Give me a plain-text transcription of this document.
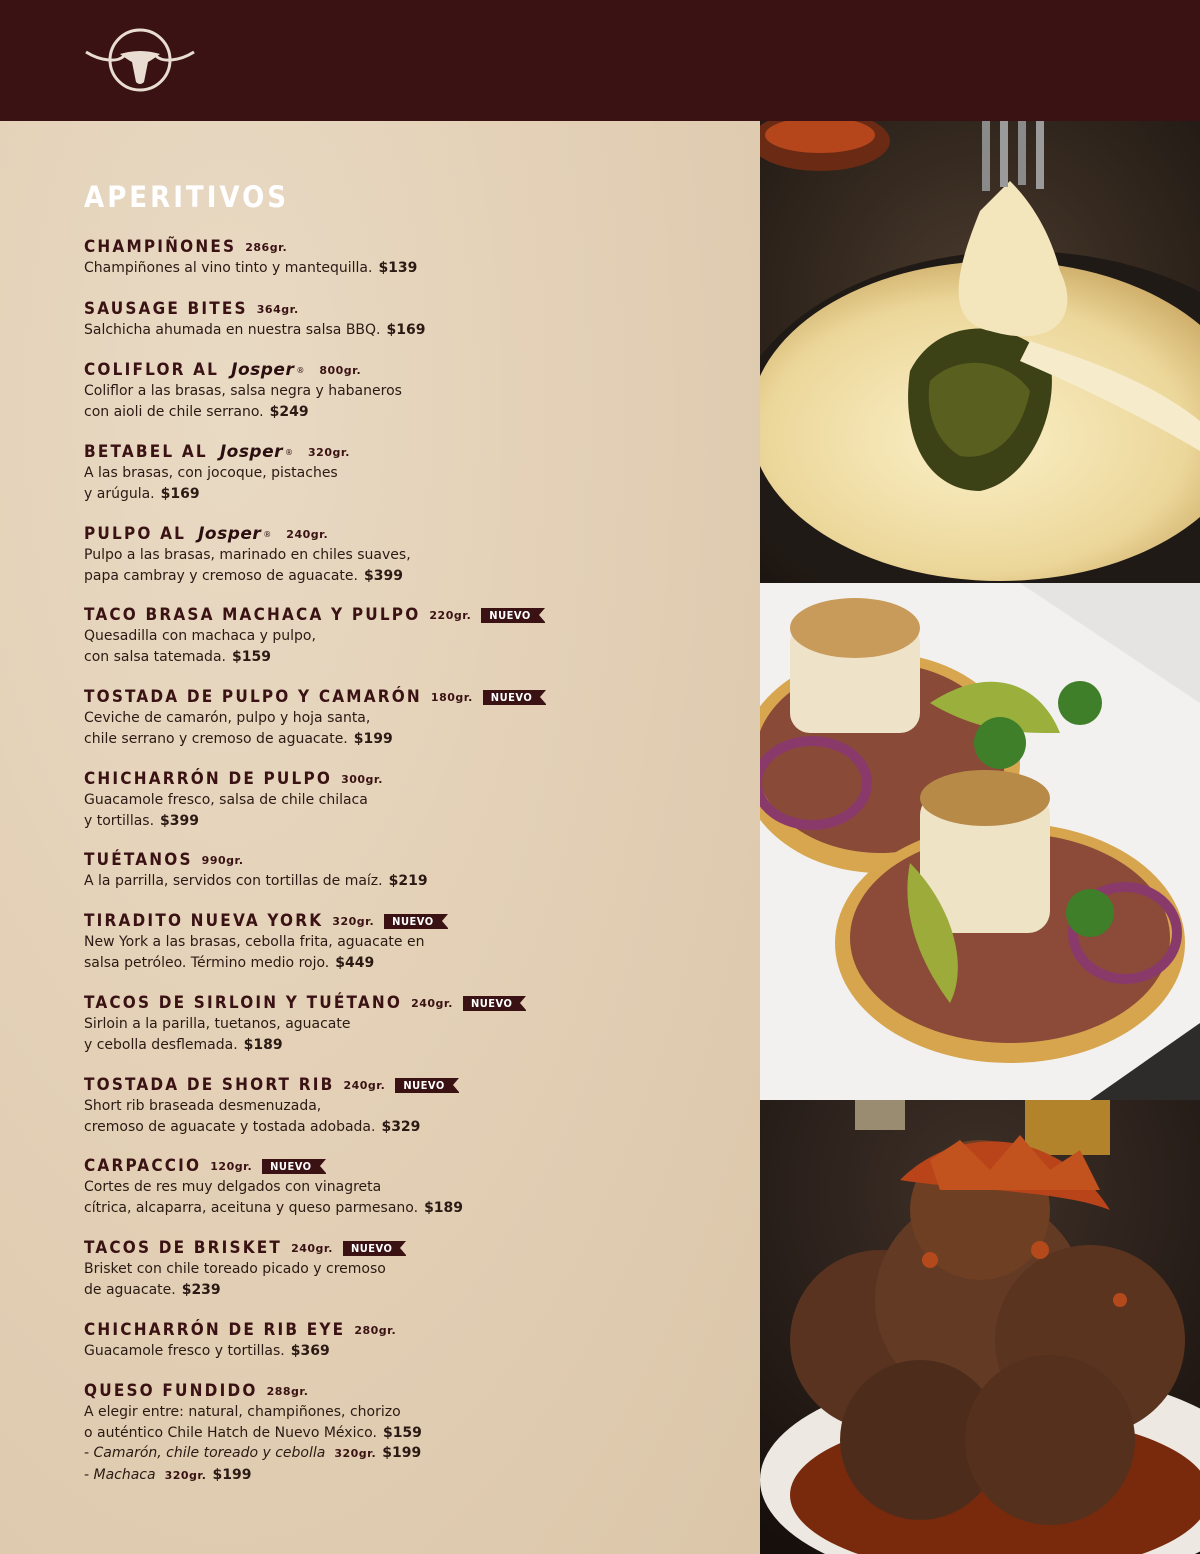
APERITIVOS
CHAMPIÑONES 286gr.
Champiñones al vino tinto y mantequilla. $139
SAUSAGE BITES 364gr.
Salchicha ahumada en nuestra salsa BBQ. $169
COLIFLOR AL Josper ® 800gr.
Coliflor a las brasas, salsa negra y habaneros
con aioli de chile serrano. $249
BETABEL AL Josper ® 320gr.
A las brasas, con jocoque, pistaches
y arúgula. $169
PULPO AL Josper ® 240gr.
Pulpo a las brasas, marinado en chiles suaves,
papa cambray y cremoso de aguacate. $399
TACO BRASA MACHACA Y PULPO 220gr.	NUEVO
Quesadilla con machaca y pulpo,
con salsa tatemada. $159
TOSTADA DE PULPO Y CAMARÓN 180gr.	NUEVO
Ceviche de camarón, pulpo y hoja santa,
chile serrano y cremoso de aguacate. $199
CHICHARRÓN DE PULPO 300gr.
Guacamole fresco, salsa de chile chilaca
y tortillas. $399
TUÉTANOS 990gr.
A la parrilla, servidos con tortillas de maíz. $219
TIRADITO NUEVA YORK 320gr.	NUEVO
New York a las brasas, cebolla frita, aguacate en
salsa petróleo. Término medio rojo. $449
TACOS DE SIRLOIN Y TUÉTANO 240gr.	NUEVO
Sirloin a la parilla, tuetanos, aguacate
y cebolla desflemada. $189
TOSTADA DE SHORT RIB 240gr.	NUEVO
Short rib braseada desmenuzada,
cremoso de aguacate y tostada adobada. $329
CARPACCIO 120gr.	NUEVO
Cortes de res muy delgados con vinagreta
cítrica, alcaparra, aceituna y queso parmesano. $189
TACOS DE BRISKET 240gr.	NUEVO
Brisket con chile toreado picado y cremoso
de aguacate. $239
CHICHARRÓN DE RIB EYE 280gr.
Guacamole fresco y tortillas. $369
QUESO FUNDIDO 288gr.
A elegir entre: natural, champiñones, chorizo
o auténtico Chile Hatch de Nuevo México. $159
- Camarón, chile toreado y cebolla 320gr. $199
- Machaca 320gr. $199
